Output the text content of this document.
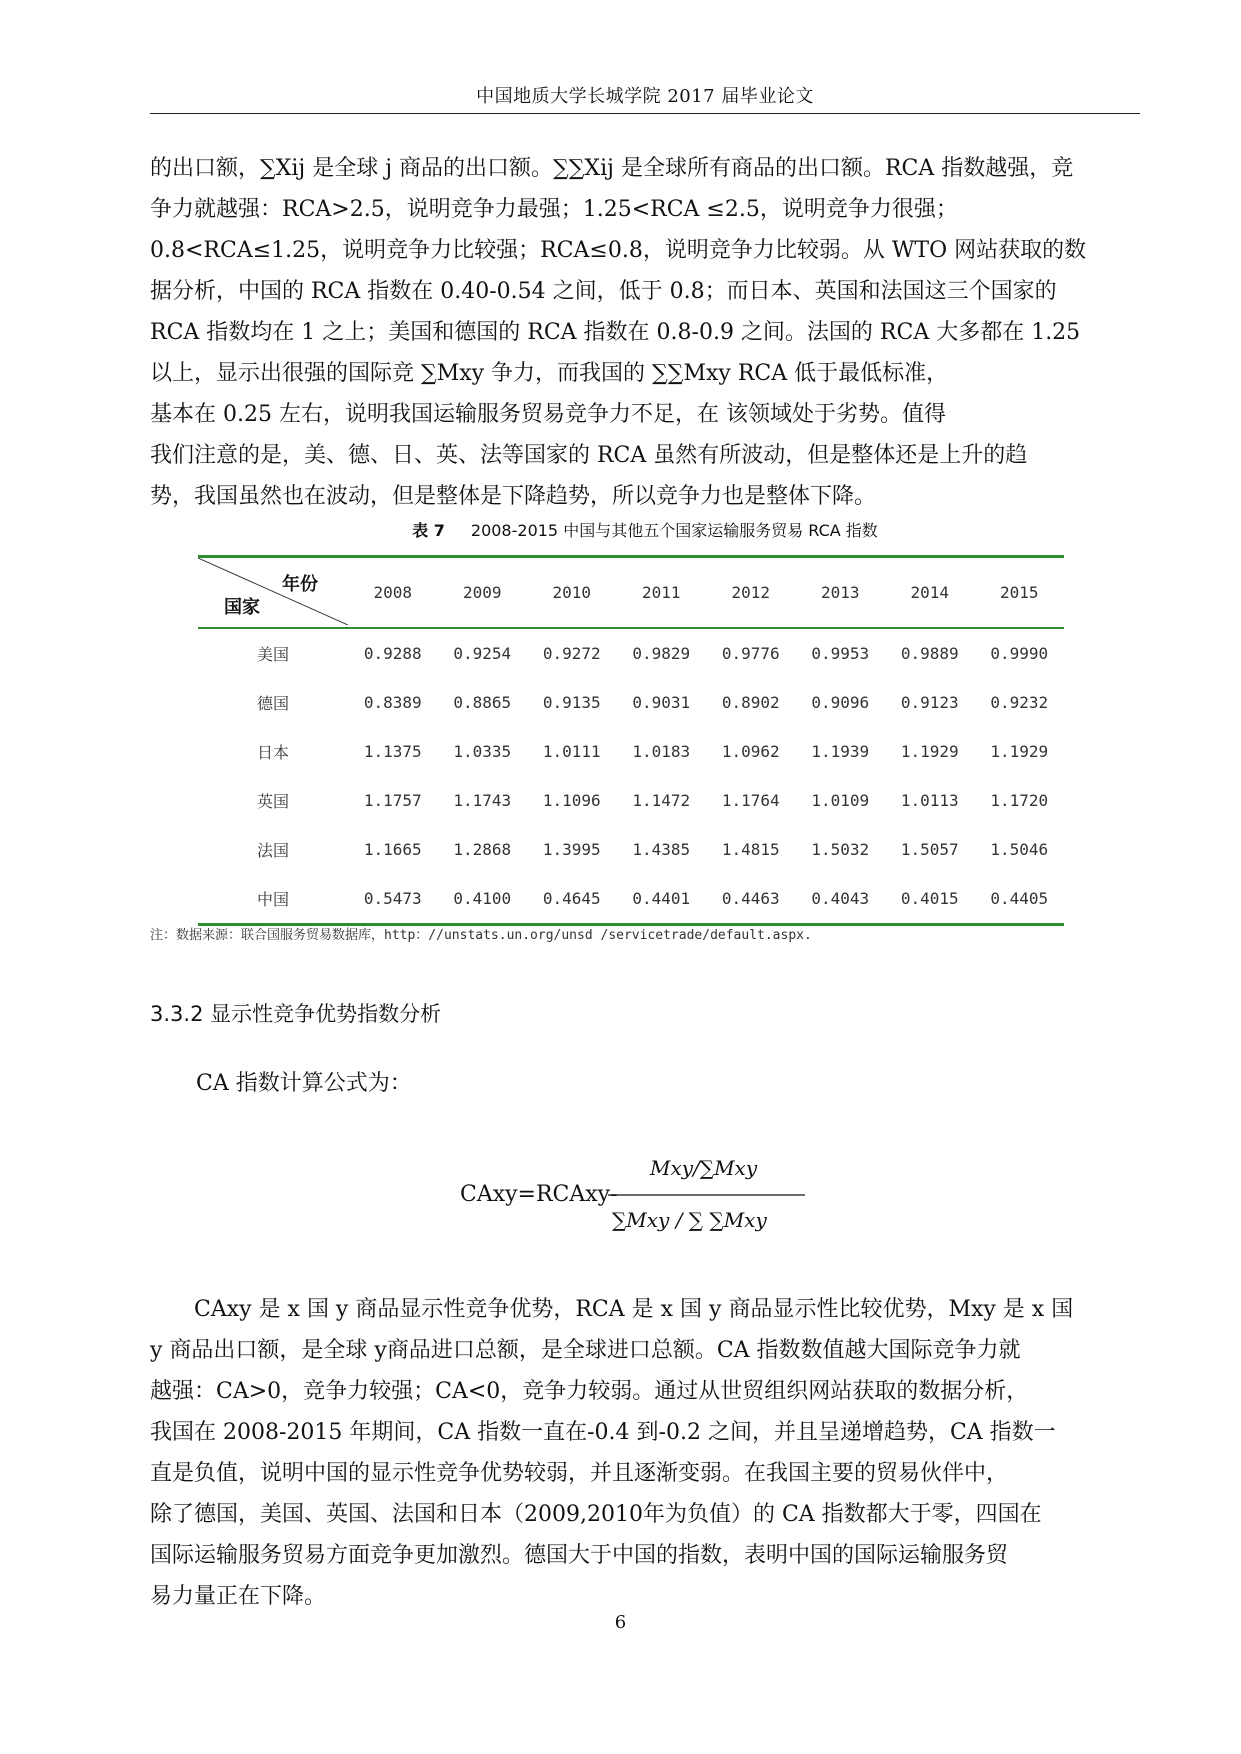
中国地质大学长城学院 2017 届毕业论文
的出口额，∑Xij 是全球 j 商品的出口额。∑∑Xij 是全球所有商品的出口额。RCA 指数越强，竞
争力就越强：RCA>2.5，说明竞争力最强；1.25<RCA ≤2.5，说明竞争力很强；
0.8<RCA≤1.25，说明竞争力比较强；RCA≤0.8，说明竞争力比较弱。从 WTO 网站获取的数
据分析，中国的 RCA 指数在 0.40-0.54 之间，低于 0.8；而日本、英国和法国这三个国家的
RCA 指数均在 1 之上；美国和德国的 RCA 指数在 0.8-0.9 之间。法国的 RCA 大多都在 1.25
以上，显示出很强的国际竞 ∑Mxy 争力，而我国的 ∑∑Mxy RCA 低于最低标准，
基本在 0.25 左右，说明我国运输服务贸易竞争力不足，在 该领域处于劣势。值得
我们注意的是，美、德、日、英、法等国家的 RCA 虽然有所波动，但是整体还是上升的趋
势，我国虽然也在波动，但是整体是下降趋势，所以竞争力也是整体下降。
表 7 2008-2015 中国与其他五个国家运输服务贸易 RCA 指数
年份
国家	2008	2009	2010	2011	2012	2013	2014	2015
美国	0.9288	0.9254	0.9272	0.9829	0.9776	0.9953	0.9889	0.9990
德国	0.8389	0.8865	0.9135	0.9031	0.8902	0.9096	0.9123	0.9232
日本	1.1375	1.0335	1.0111	1.0183	1.0962	1.1939	1.1929	1.1929
英国	1.1757	1.1743	1.1096	1.1472	1.1764	1.0109	1.0113	1.1720
法国	1.1665	1.2868	1.3995	1.4385	1.4815	1.5032	1.5057	1.5046
中国	0.5473	0.4100	0.4645	0.4401	0.4463	0.4043	0.4015	0.4405
注：数据来源：联合国服务贸易数据库，http：//unstats.un.org/unsd /servicetrade/default.aspx.
3.3.2 显示性竞争优势指数分析
CA 指数计算公式为：
CAxy=RCAxy-
Mxy/∑Mxy
∑Mxy / ∑ ∑Mxy
CAxy 是 x 国 y 商品显示性竞争优势，RCA 是 x 国 y 商品显示性比较优势，Mxy 是 x 国
y 商品出口额，是全球 y商品进口总额，是全球进口总额。CA 指数数值越大国际竞争力就
越强：CA>0，竞争力较强；CA<0，竞争力较弱。通过从世贸组织网站获取的数据分析，
我国在 2008-2015 年期间，CA 指数一直在-0.4 到-0.2 之间，并且呈递增趋势，CA 指数一
直是负值，说明中国的显示性竞争优势较弱，并且逐渐变弱。在我国主要的贸易伙伴中，
除了德国，美国、英国、法国和日本（2009,2010年为负值）的 CA 指数都大于零，四国在
国际运输服务贸易方面竞争更加激烈。德国大于中国的指数，表明中国的国际运输服务贸
易力量正在下降。
6
